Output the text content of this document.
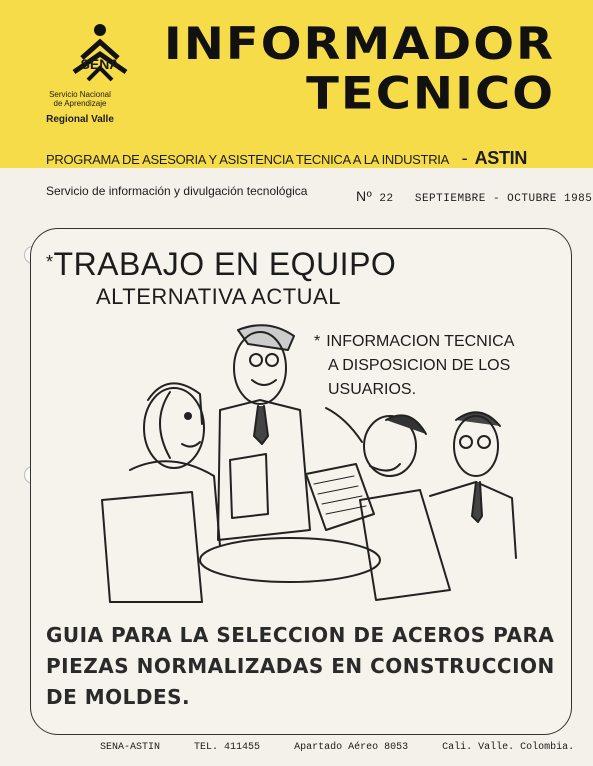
SENA
Servicio Nacional
de Aprendizaje
Regional Valle
INFORMADOR
TECNICO
PROGRAMA DE ASESORIA Y ASISTENCIA TECNICA A LA INDUSTRIA - ASTIN
Servicio de información y divulgación tecnológica	Nº 22 SEPTIEMBRE - OCTUBRE 1985
*TRABAJO EN EQUIPO
ALTERNATIVA ACTUAL
* INFORMACION TECNICA
A DISPOSICION DE LOS
USUARIOS.
GUIA PARA LA SELECCION DE ACEROS PARA
PIEZAS NORMALIZADAS EN CONSTRUCCION
DE MOLDES.
SENA-ASTIN	TEL. 411455	Apartado Aéreo 8053	Cali. Valle. Colombia.
